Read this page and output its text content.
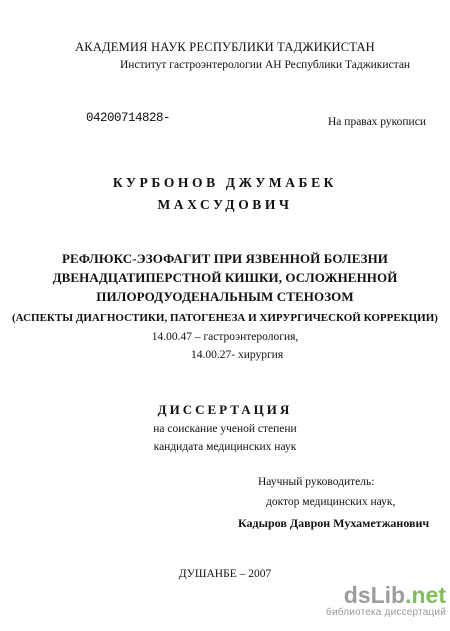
АКАДЕМИЯ НАУК РЕСПУБЛИКИ ТАДЖИКИСТАН
Институт гастроэнтерологии АН Республики Таджикистан
04200714828-	На правах рукописи
КУРБОНОВ ДЖУМАБЕК
МАХСУДОВИЧ
РЕФЛЮКС-ЭЗОФАГИТ ПРИ ЯЗВЕННОЙ БОЛЕЗНИ
ДВЕНАДЦАТИПЕРСТНОЙ КИШКИ, ОСЛОЖНЕННОЙ
ПИЛОРОДУОДЕНАЛЬНЫМ СТЕНОЗОМ
(АСПЕКТЫ ДИАГНОСТИКИ, ПАТОГЕНЕЗА И ХИРУРГИЧЕСКОЙ КОРРЕКЦИИ)
14.00.47 – гастроэнтерология,
14.00.27- хирургия
ДИССЕРТАЦИЯ
на соискание ученой степени
кандидата медицинских наук
Научный руководитель:
доктор медицинских наук,
Кадыров Даврон Мухаметжанович
ДУШАНБЕ – 2007
dsLib.net
библиотека диссертаций
